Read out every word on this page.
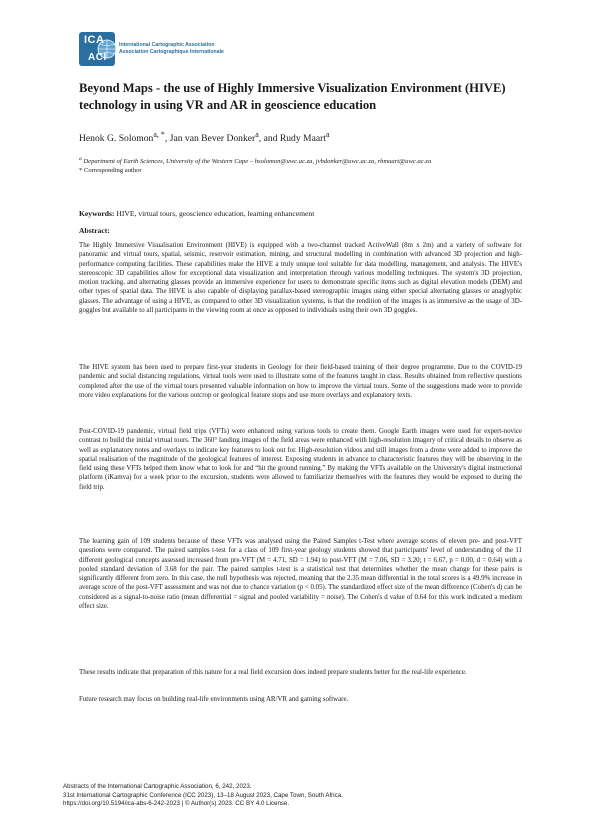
ICA
ACI
International Cartographic Association
Association Cartographique Internationale
Beyond Maps - the use of Highly Immersive Visualization Environment (HIVE) technology in using VR and AR in geoscience education
Henok G. Solomon$^{a, *}$, Jan van Bever Donker$^a$, and Rudy Maart$^a$
$^a$ Department of Earth Sciences, University of the Western Cape – hsolomon@uwc.ac.za, jvbdonker@uwc.ac.za, rbmaart@uwc.ac.za
* Corresponding author
Keywords: HIVE, virtual tours, geoscience education, learning enhancement
Abstract:
The Highly Immersive Visualisation Environment (HIVE) is equipped with a two-channel tracked ActiveWall (8m x 2m) and a variety of software for panoramic and virtual tours, spatial, seismic, reservoir estimation, mining, and structural modelling in combination with advanced 3D projection and high-performance computing facilities. These capabilities make the HIVE a truly unique tool suitable for data modelling, management, and analysis. The HIVE's stereoscopic 3D capabilities allow for exceptional data visualization and interpretation through various modelling techniques. The system's 3D projection, motion tracking, and alternating glasses provide an immersive experience for users to demonstrate specific items such as digital elevation models (DEM) and other types of spatial data. The HIVE is also capable of displaying parallax-based stereographic images using either special alternating glasses or anaglyphic glasses. The advantage of using a HIVE, as compared to other 3D visualization systems, is that the rendition of the images is as immersive as the usage of 3D-goggles but available to all participants in the viewing room at once as opposed to individuals using their own 3D goggles.
The HIVE system has been used to prepare first-year students in Geology for their field-based training of their degree programme. Due to the COVID-19 pandemic and social distancing regulations, virtual tools were used to illustrate some of the features taught in class. Results obtained from reflective questions completed after the use of the virtual tours presented valuable information on how to improve the virtual tours. Some of the suggestions made were to provide more video explanations for the various outcrop or geological feature stops and use more overlays and explanatory texts.
Post-COVID-19 pandemic, virtual field trips (VFTs) were enhanced using various tools to create them. Google Earth images were used for expert-novice contrast to build the initial virtual tours. The 360° landing images of the field areas were enhanced with high-resolution imagery of critical details to observe as well as explanatory notes and overlays to indicate key features to look out for. High-resolution videos and still images from a drone were added to improve the spatial realisation of the magnitude of the geological features of interest. Exposing students in advance to characteristic features they will be observing in the field using these VFTs helped them know what to look for and “hit the ground running.” By making the VFTs available on the University's digital instructional platform (iKamva) for a week prior to the excursion, students were allowed to familiarize themselves with the features they would be exposed to during the field trip.
The learning gain of 109 students because of these VFTs was analysed using the Paired Samples t-Test where average scores of eleven pre- and post-VFT questions were compared. The paired samples t-test for a class of 109 first-year geology students showed that participants' level of understanding of the 11 different geological concepts assessed increased from pre-VFT (M = 4.71, SD = 1.94) to post-VFT (M = 7.06, SD = 3.20; t = 6.67, p = 0.00, d = 0.64) with a pooled standard deviation of 3.68 for the pair. The paired samples t-test is a statistical test that determines whether the mean change for these pairs is significantly different from zero. In this case, the null hypothesis was rejected, meaning that the 2.35 mean differential in the total scores is a 49.9% increase in average score of the post-VFT assessment and was not due to chance variation (p < 0.05). The standardized effect size of the mean difference (Cohen's d) can be considered as a signal-to-noise ratio (mean differential = signal and pooled variability = noise). The Cohen's d value of 0.64 for this work indicated a medium effect size.
These results indicate that preparation of this nature for a real field excursion does indeed prepare students better for the real-life experience.
Future research may focus on building real-life environments using AR/VR and gaming software.
Abstracts of the International Cartographic Association, 6, 242, 2023.
31st International Cartographic Conference (ICC 2023), 13–18 August 2023, Cape Town, South Africa.
https://doi.org/10.5194/ica-abs-6-242-2023 | © Author(s) 2023. CC BY 4.0 License.
